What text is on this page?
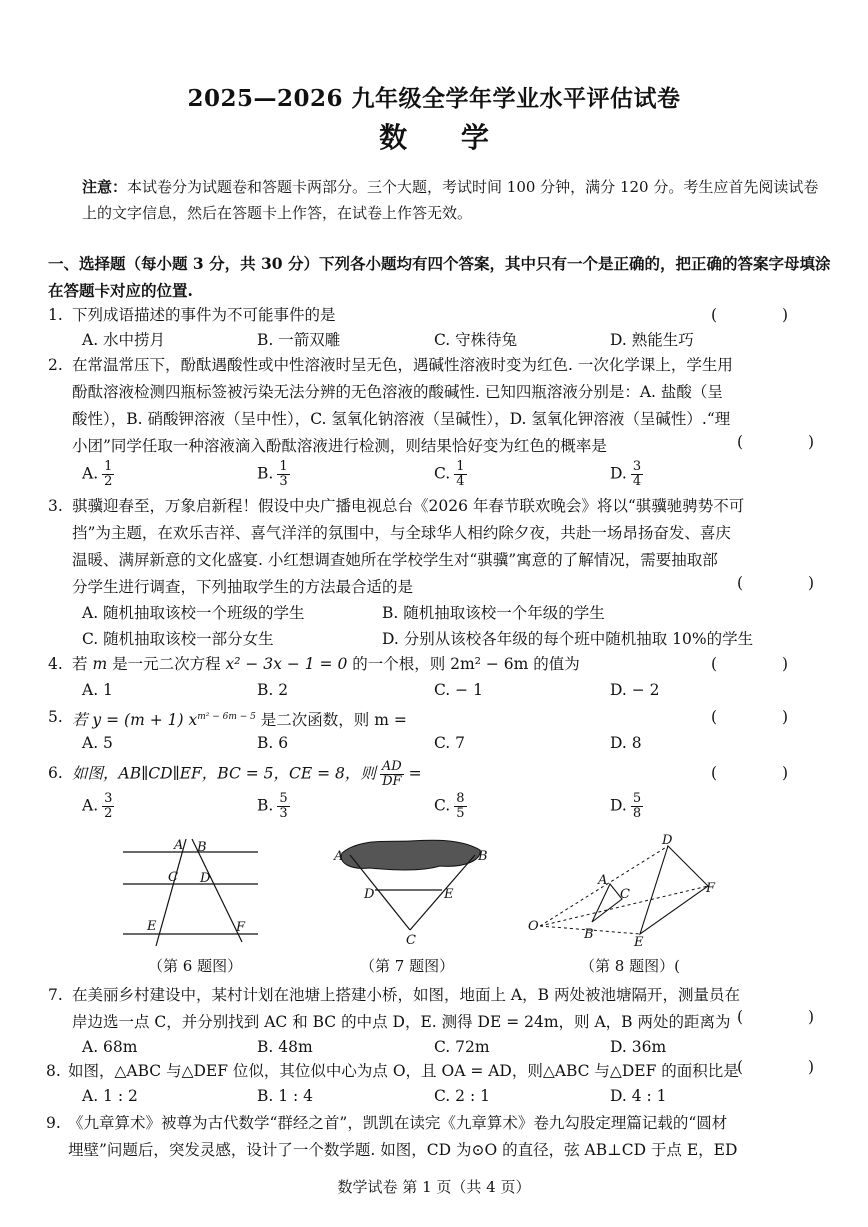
2025—2026 九年级全学年学业水平评估试卷
数 学
注意：本试卷分为试题卷和答题卡两部分。三个大题，考试时间 100 分钟，满分 120 分。考生应首先阅读试卷上的文字信息，然后在答题卡上作答，在试卷上作答无效。
一、选择题（每小题 3 分，共 30 分）下列各小题均有四个答案，其中只有一个是正确的，把正确的答案字母填涂在答题卡对应的位置.
1. 下列成语描述的事件为不可能事件的是	( )
A. 水中捞月	B. 一箭双雕	C. 守株待兔	D. 熟能生巧
2. 在常温常压下，酚酞遇酸性或中性溶液时呈无色，遇碱性溶液时变为红色. 一次化学课上，学生用
酚酞溶液检测四瓶标签被污染无法分辨的无色溶液的酸碱性. 已知四瓶溶液分别是：A. 盐酸（呈
酸性），B. 硝酸钾溶液（呈中性），C. 氢氧化钠溶液（呈碱性），D. 氢氧化钾溶液（呈碱性）.“理
小团”同学任取一种溶液滴入酚酞溶液进行检测，则结果恰好变为红色的概率是	( )
A. $\frac{1}{2}$	B. $\frac{1}{3}$	C. $\frac{1}{4}$	D. $\frac{3}{4}$
3. 骐骥迎春至，万象启新程！假设中央广播电视总台《2026 年春节联欢晚会》将以“骐骥驰骋势不可
挡”为主题，在欢乐吉祥、喜气洋洋的氛围中，与全球华人相约除夕夜，共赴一场昂扬奋发、喜庆
温暖、满屏新意的文化盛宴. 小红想调查她所在学校学生对“骐骥”寓意的了解情况，需要抽取部
分学生进行调查，下列抽取学生的方法最合适的是	( )
A. 随机抽取该校一个班级的学生	B. 随机抽取该校一个年级的学生
C. 随机抽取该校一部分女生	D. 分别从该校各年级的每个班中随机抽取 10%的学生
4. 若 m 是一元二次方程 x² − 3x − 1 = 0 的一个根，则 2m² − 6m 的值为	( )
A. 1	B. 2	C. − 1	D. − 2
5. 若 y = (m + 1) $x^{m^2 - 6m - 5}$ 是二次函数，则 m =	( )
A. 5	B. 6	C. 7	D. 8
6. 如图，AB∥CD∥EF，BC = 5，CE = 8，则 $\frac{AD}{DF}$ =	( )
A. $\frac{3}{2}$	B. $\frac{5}{3}$	C. $\frac{8}{5}$	D. $\frac{5}{8}$
A B
C D
E	F
（第 6 题图）
A	B
C
D	E
（第 7 题图）
O
A
B
C
D
E
F
（第 8 题图）(
7. 在美丽乡村建设中，某村计划在池塘上搭建小桥，如图，地面上 A，B 两处被池塘隔开，测量员在
岸边选一点 C，并分别找到 AC 和 BC 的中点 D，E. 测得 DE = 24m，则 A，B 两处的距离为 ( )
A. 68m	B. 48m	C. 72m	D. 36m
8. 如图，△ABC 与△DEF 位似，其位似中心为点 O，且 OA = AD，则△ABC 与△DEF 的面积比是
( )
A. 1 : 2	B. 1 : 4	C. 2 : 1	D. 4 : 1
9. 《九章算术》被尊为古代数学“群经之首”，凯凯在读完《九章算术》卷九勾股定理篇记载的“圆材
埋壁”问题后，突发灵感，设计了一个数学题. 如图，CD 为⊙O 的直径，弦 AB⊥CD 于点 E，ED
数学试卷 第 1 页（共 4 页）
